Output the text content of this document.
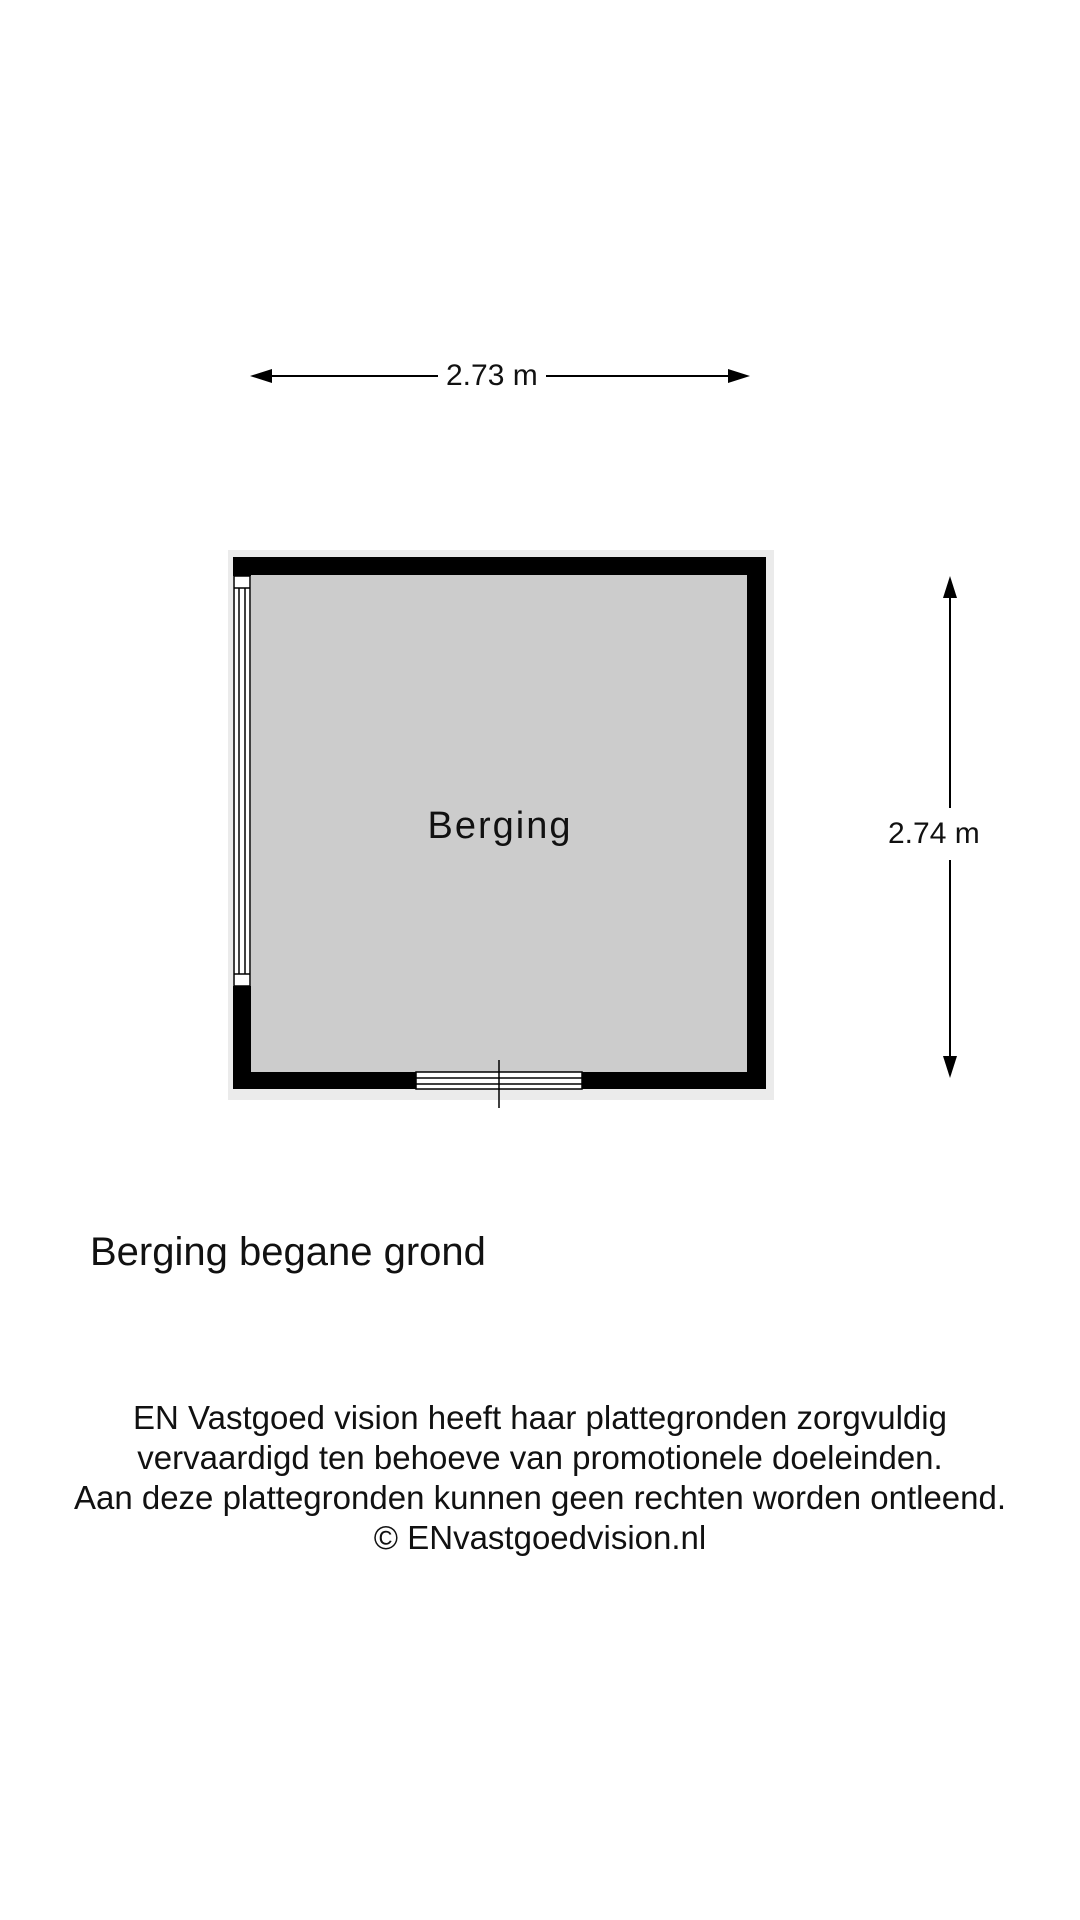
2.73 m
2.74 m
Berging
Berging begane grond
EN Vastgoed vision heeft haar plattegronden zorgvuldig
vervaardigd ten behoeve van promotionele doeleinden.
Aan deze plattegronden kunnen geen rechten worden ontleend.
© ENvastgoedvision.nl
